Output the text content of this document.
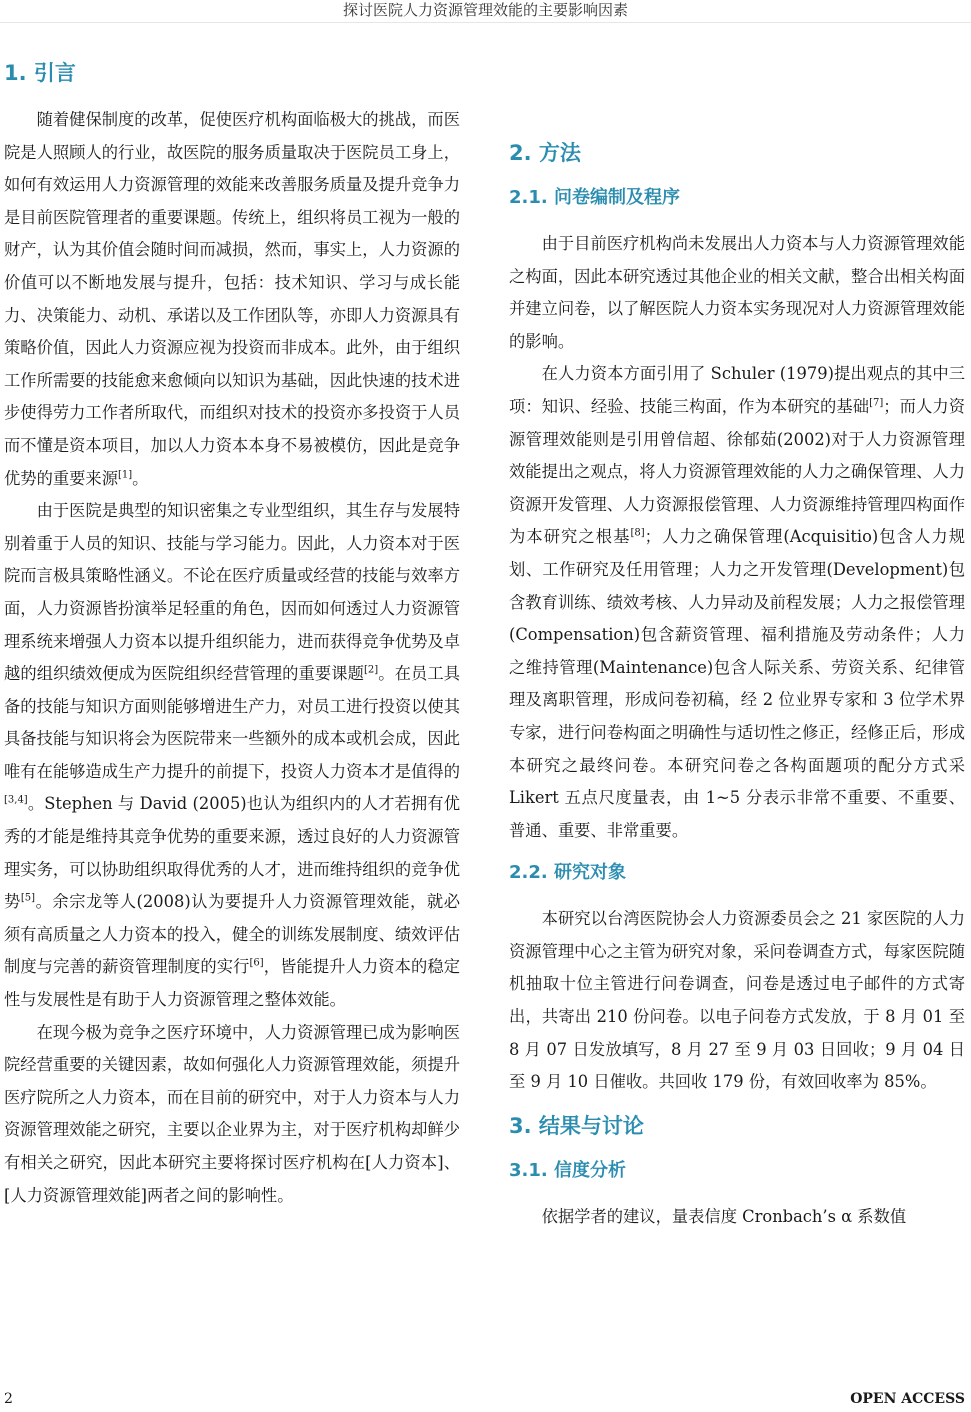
探讨医院人力资源管理效能的主要影响因素
1. 引言

随着健保制度的改革，促使医疗机构面临极大的挑战，而医院是人照顾人的行业，故医院的服务质量取决于医院员工身上，如何有效运用人力资源管理的效能来改善服务质量及提升竞争力是目前医院管理者的重要课题。传统上，组织将员工视为一般的财产，认为其价值会随时间而减损，然而，事实上，人力资源的价值可以不断地发展与提升，包括：技术知识、学习与成长能力、决策能力、动机、承诺以及工作团队等，亦即人力资源具有策略价值，因此人力资源应视为投资而非成本。此外，由于组织工作所需要的技能愈来愈倾向以知识为基础，因此快速的技术进步使得劳力工作者所取代，而组织对技术的投资亦多投资于人员而不懂是资本项目，加以人力资本本身不易被模仿，因此是竞争优势的重要来源[1]。

由于医院是典型的知识密集之专业型组织，其生存与发展特别着重于人员的知识、技能与学习能力。因此，人力资本对于医院而言极具策略性涵义。不论在医疗质量或经营的技能与效率方面，人力资源皆扮演举足轻重的角色，因而如何透过人力资源管理系统来增强人力资本以提升组织能力，进而获得竞争优势及卓越的组织绩效便成为医院组织经营管理的重要课题[2]。在员工具备的技能与知识方面则能够增进生产力，对员工进行投资以使其具备技能与知识将会为医院带来一些额外的成本或机会成，因此唯有在能够造成生产力提升的前提下，投资人力资本才是值得的[3,4]。Stephen 与 David (2005)也认为组织内的人才若拥有优秀的才能是维持其竞争优势的重要来源，透过良好的人力资源管理实务，可以协助组织取得优秀的人才，进而维持组织的竞争优势[5]。余宗龙等人(2008)认为要提升人力资源管理效能，就必须有高质量之人力资本的投入，健全的训练发展制度、绩效评估制度与完善的薪资管理制度的实行[6]，皆能提升人力资本的稳定性与发展性是有助于人力资源管理之整体效能。

在现今极为竞争之医疗环境中，人力资源管理已成为影响医院经营重要的关键因素，故如何强化人力资源管理效能，须提升医疗院所之人力资本，而在目前的研究中，对于人力资本与人力资源管理效能之研究，主要以企业界为主，对于医疗机构却鲜少有相关之研究，因此本研究主要将探讨医疗机构在[人力资本]、[人力资源管理效能]两者之间的影响性。

2. 方法
2.1. 问卷编制及程序

由于目前医疗机构尚未发展出人力资本与人力资源管理效能之构面，因此本研究透过其他企业的相关文献，整合出相关构面并建立问卷，以了解医院人力资本实务现况对人力资源管理效能的影响。

在人力资本方面引用了 Schuler (1979)提出观点的其中三项：知识、经验、技能三构面，作为本研究的基础[7]；而人力资源管理效能则是引用曾信超、徐郁茹(2002)对于人力资源管理效能提出之观点，将人力资源管理效能的人力之确保管理、人力资源开发管理、人力资源报偿管理、人力资源维持管理四构面作为本研究之根基[8]；人力之确保管理(Acquisitio)包含人力规划、工作研究及任用管理；人力之开发管理(Development)包含教育训练、绩效考核、人力异动及前程发展；人力之报偿管理(Compensation)包含薪资管理、福利措施及劳动条件；人力之维持管理(Maintenance)包含人际关系、劳资关系、纪律管理及离职管理，形成问卷初稿，经 2 位业界专家和 3 位学术界专家，进行问卷构面之明确性与适切性之修正，经修正后，形成本研究之最终问卷。本研究问卷之各构面题项的配分方式采 Likert 五点尺度量表，由 1~5 分表示非常不重要、不重要、普通、重要、非常重要。

2.2. 研究对象

本研究以台湾医院协会人力资源委员会之 21 家医院的人力资源管理中心之主管为研究对象，采问卷调查方式，每家医院随机抽取十位主管进行问卷调查，问卷是透过电子邮件的方式寄出，共寄出 210 份问卷。以电子问卷方式发放，于 8 月 01 至 8 月 07 日发放填写，8 月 27 至 9 月 03 日回收；9 月 04 日至 9 月 10 日催收。共回收 179 份，有效回收率为 85%。

3. 结果与讨论
3.1. 信度分析

依据学者的建议，量表信度 Cronbach’s α 系数值

2	OPEN ACCESS
